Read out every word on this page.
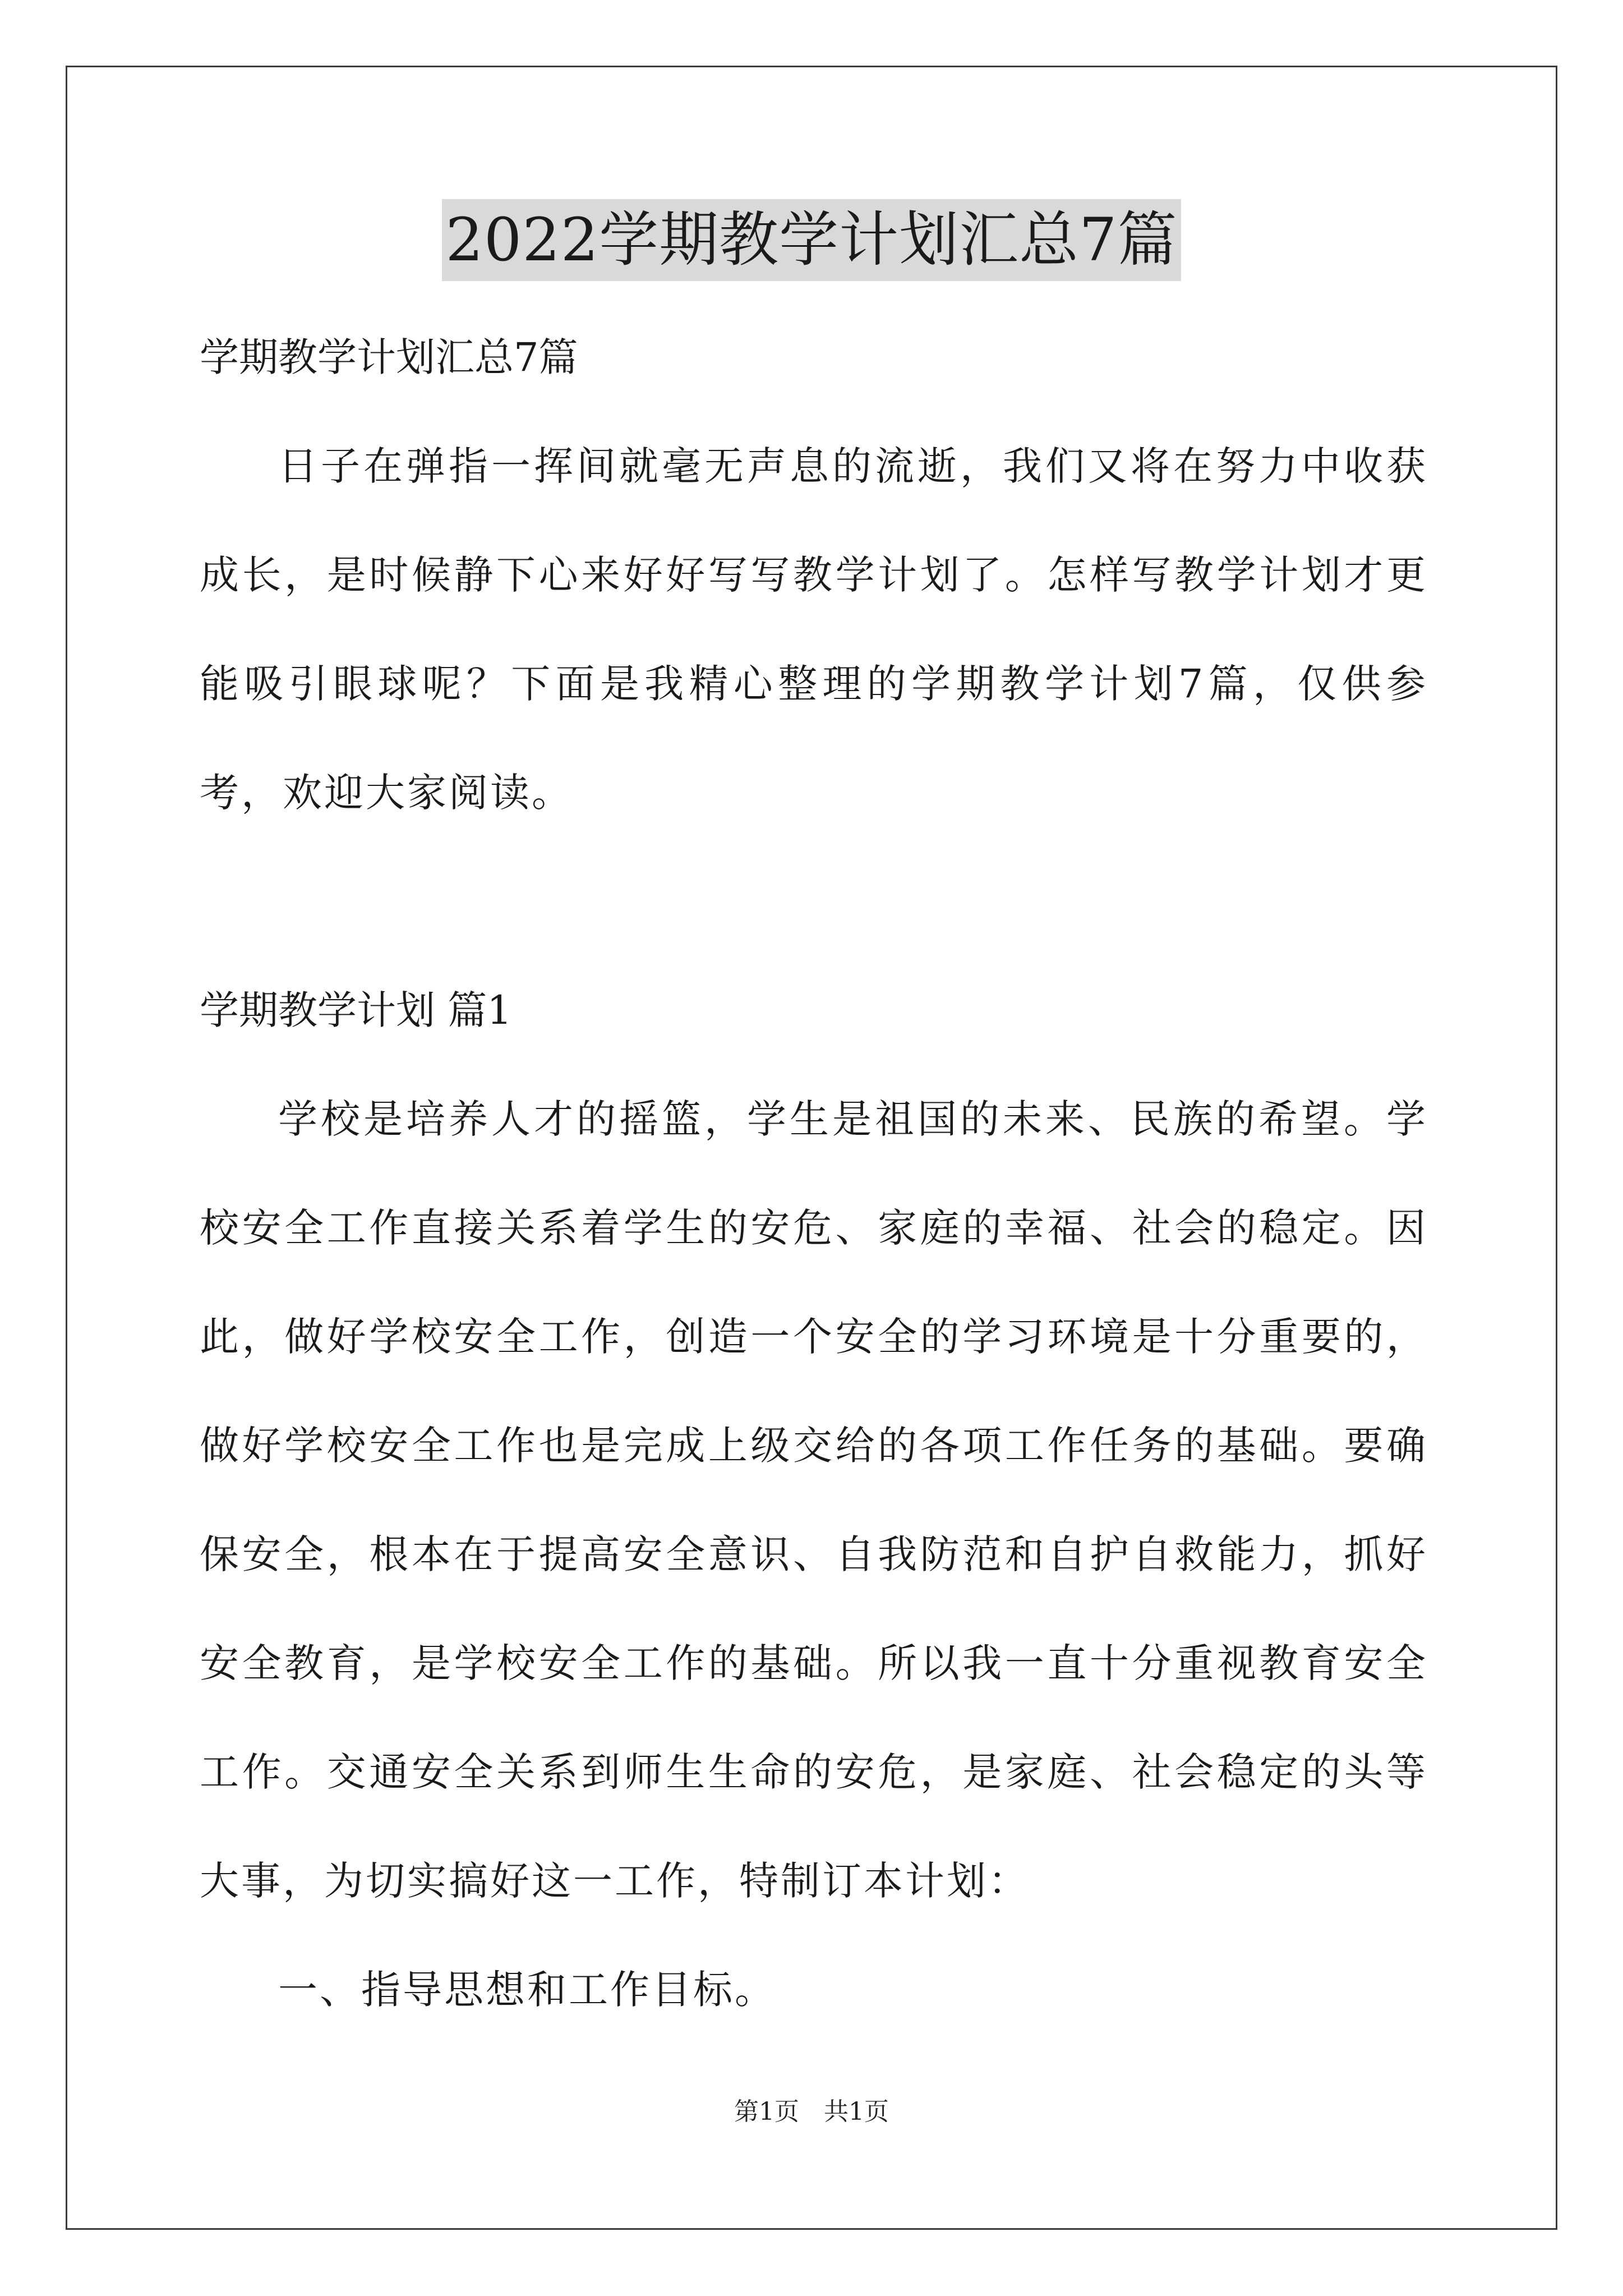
2022学期教学计划汇总7篇

学期教学计划汇总7篇

日子在弹指一挥间就毫无声息的流逝，我们又将在努力中收获成长，是时候静下心来好好写写教学计划了。怎样写教学计划才更能吸引眼球呢？下面是我精心整理的学期教学计划7篇，仅供参考，欢迎大家阅读。

学期教学计划 篇1

学校是培养人才的摇篮，学生是祖国的未来、民族的希望。学校安全工作直接关系着学生的安危、家庭的幸福、社会的稳定。因此，做好学校安全工作，创造一个安全的学习环境是十分重要的，做好学校安全工作也是完成上级交给的各项工作任务的基础。要确保安全，根本在于提高安全意识、自我防范和自护自救能力，抓好安全教育，是学校安全工作的基础。所以我一直十分重视教育安全工作。交通安全关系到师生生命的安危，是家庭、社会稳定的头等大事，为切实搞好这一工作，特制订本计划：

一、指导思想和工作目标。

第1页　共1页
